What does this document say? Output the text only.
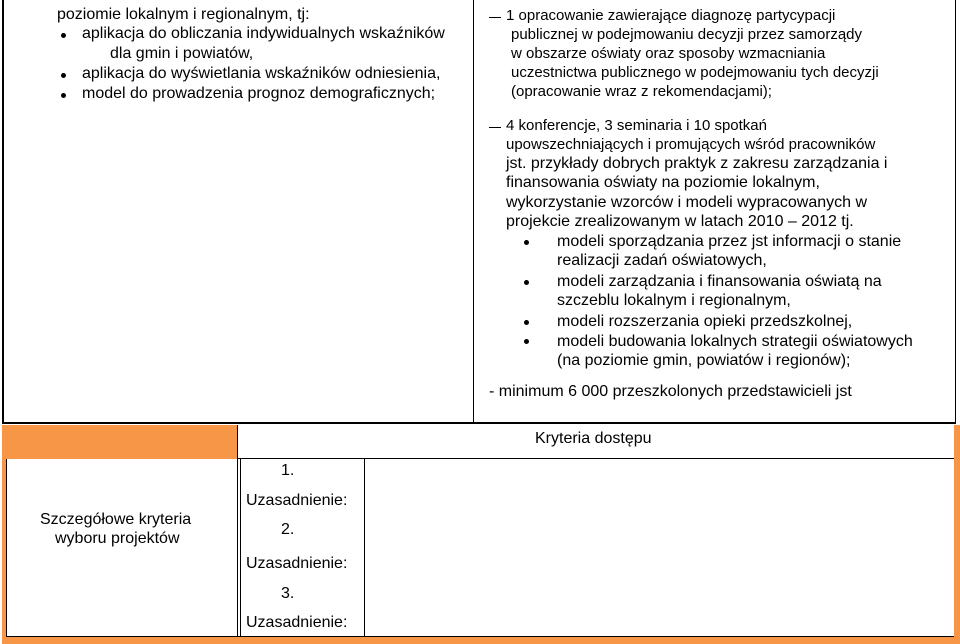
poziomie lokalnym i regionalnym, tj:
aplikacja do obliczania indywidualnych wskaźników
dla gmin i powiatów,
aplikacja do wyświetlania wskaźników odniesienia,
model do prowadzenia prognoz demograficznych;
1 opracowanie zawierające diagnozę partycypacji
publicznej w podejmowaniu decyzji przez samorządy
w obszarze oświaty oraz sposoby wzmacniania
uczestnictwa publicznego w podejmowaniu tych decyzji
(opracowanie wraz z rekomendacjami);
4 konferencje, 3 seminaria i 10 spotkań
upowszechniających i promujących wśród pracowników
jst. przykłady dobrych praktyk z zakresu zarządzania i
finansowania oświaty na poziomie lokalnym,
wykorzystanie wzorców i modeli wypracowanych w
projekcie zrealizowanym w latach 2010 – 2012 tj.
modeli sporządzania przez jst informacji o stanie
realizacji zadań oświatowych,
modeli zarządzania i finansowania oświatą na
szczeblu lokalnym i regionalnym,
modeli rozszerzania opieki przedszkolnej,
modeli budowania lokalnych strategii oświatowych
(na poziomie gmin, powiatów i regionów);
- minimum 6 000 przeszkolonych przedstawicieli jst
Szczegółowe kryteria
wyboru projektów
Kryteria dostępu
1.
Uzasadnienie:
2.
Uzasadnienie:
3.
Uzasadnienie:
